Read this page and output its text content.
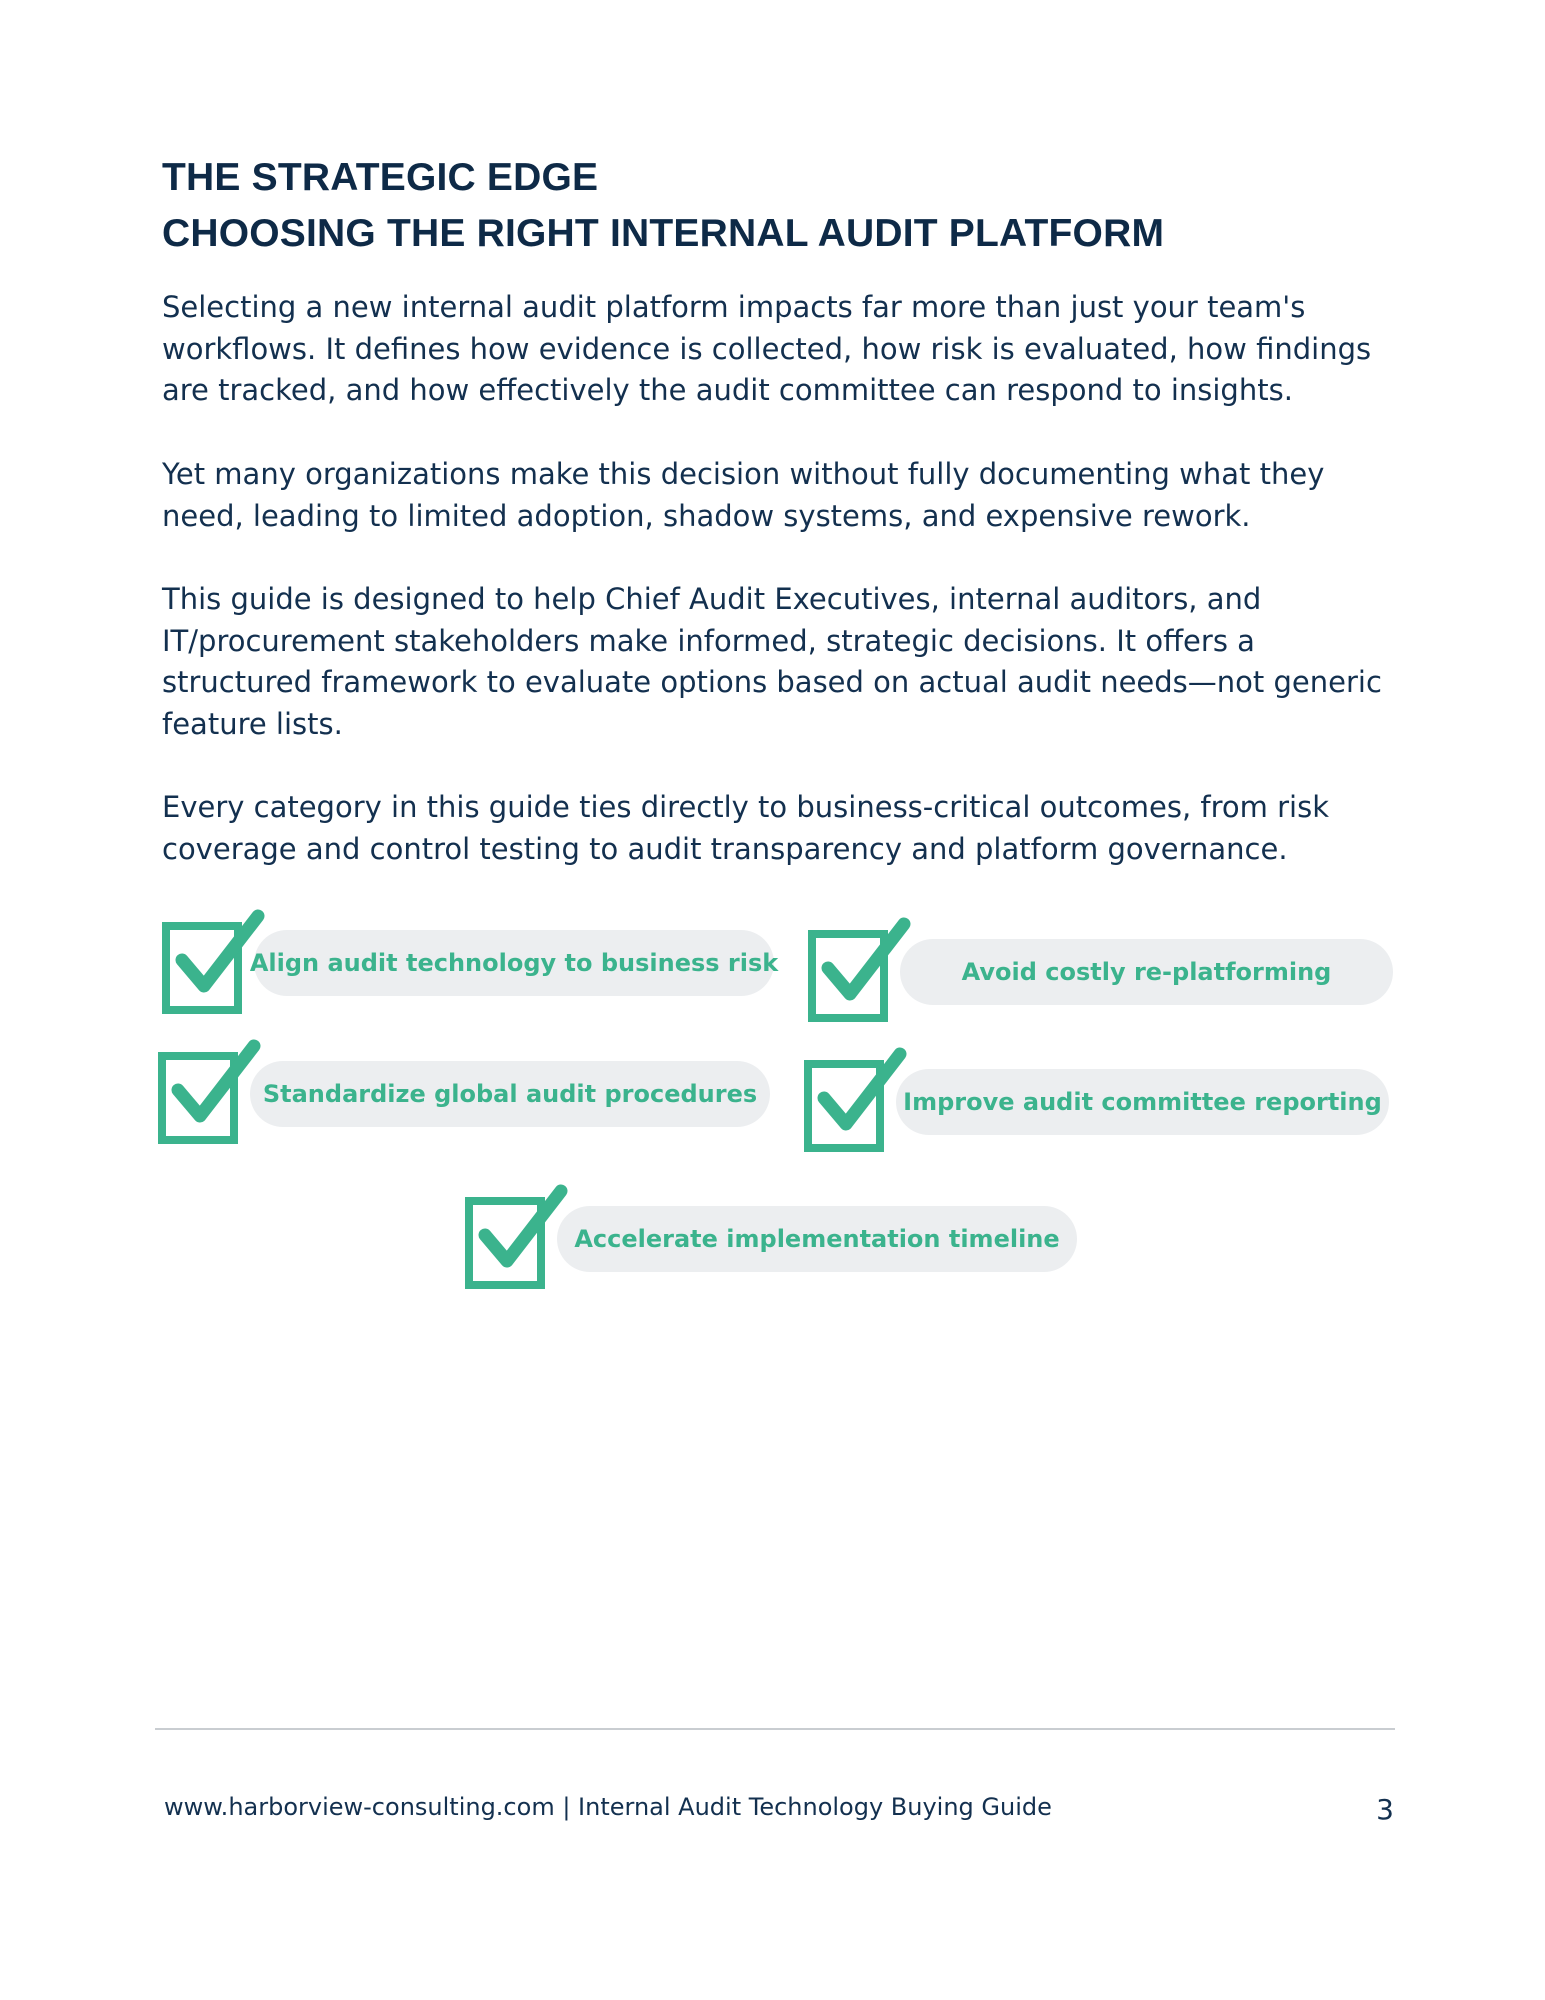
THE STRATEGIC EDGE
CHOOSING THE RIGHT INTERNAL AUDIT PLATFORM

Selecting a new internal audit platform impacts far more than just your team's workflows. It defines how evidence is collected, how risk is evaluated, how findings are tracked, and how effectively the audit committee can respond to insights.

Yet many organizations make this decision without fully documenting what they need, leading to limited adoption, shadow systems, and expensive rework.

This guide is designed to help Chief Audit Executives, internal auditors, and IT/procurement stakeholders make informed, strategic decisions. It offers a structured framework to evaluate options based on actual audit needs—not generic feature lists.

Every category in this guide ties directly to business-critical outcomes, from risk coverage and control testing to audit transparency and platform governance.

Align audit technology to business risk	Avoid costly re-platforming
Standardize global audit procedures	Improve audit committee reporting
Accelerate implementation timeline
www.harborview-consulting.com | Internal Audit Technology Buying Guide	3
